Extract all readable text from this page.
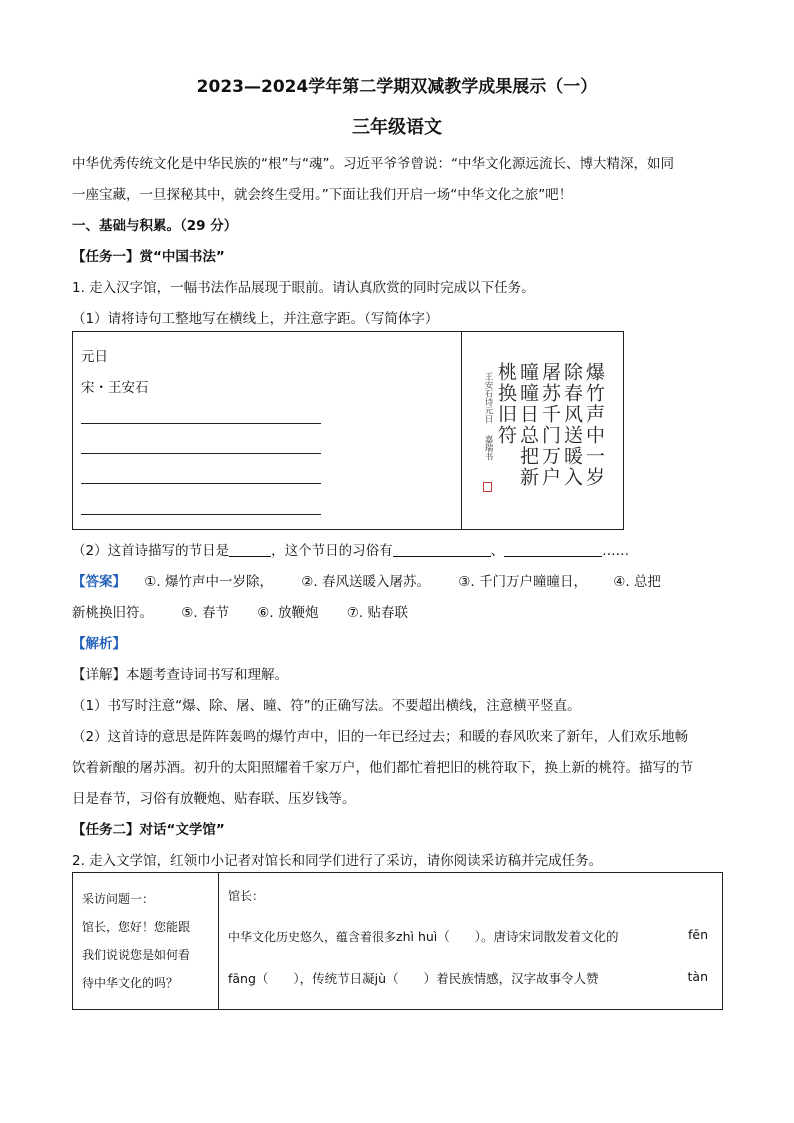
2023—2024学年第二学期双减教学成果展示（一）
三年级语文
中华优秀传统文化是中华民族的“根”与“魂”。习近平爷爷曾说：“中华文化源远流长、博大精深，如同
一座宝藏，一旦探秘其中，就会终生受用。”下面让我们开启一场“中华文化之旅”吧！
一、基础与积累。（29 分）
【任务一】赏“中国书法”
1. 走入汉字馆，一幅书法作品展现于眼前。请认真欣赏的同时完成以下任务。
（1）请将诗句工整地写在横线上，并注意字距。（写简体字）
元日
宋・王安石	爆竹声中一岁
除春风送暖入
屠苏千门万户
曈曈日总把新
桃换旧符
王安石诗元日
嘉瑞书
（2）这首诗描写的节日是	，这个节日的习俗有	、	……
【答案】 ①. 爆竹声中一岁除， ②. 春风送暖入屠苏。 ③. 千门万户曈曈日， ④. 总把
新桃换旧符。 ⑤. 春节 ⑥. 放鞭炮 ⑦. 贴春联
【解析】
【详解】本题考查诗词书写和理解。
（1）书写时注意“爆、除、屠、曈、符”的正确写法。不要超出横线，注意横平竖直。
（2）这首诗的意思是阵阵轰鸣的爆竹声中，旧的一年已经过去；和暖的春风吹来了新年，人们欢乐地畅
饮着新酿的屠苏酒。初升的太阳照耀着千家万户，他们都忙着把旧的桃符取下，换上新的桃符。描写的节
日是春节，习俗有放鞭炮、贴春联、压岁钱等。
【任务二】对话“文学馆”
2. 走入文学馆，红领巾小记者对馆长和同学们进行了采访，请你阅读采访稿并完成任务。
采访问题一：
馆长，您好！您能跟
我们说说您是如何看
待中华文化的吗？
馆长：
中华文化历史悠久，蕴含着很多zhì huì（　　）。唐诗宋词散发着文化的	fēn
fāng（　　），传统节日凝jù（　　）着民族情感，汉字故事令人赞	tàn
